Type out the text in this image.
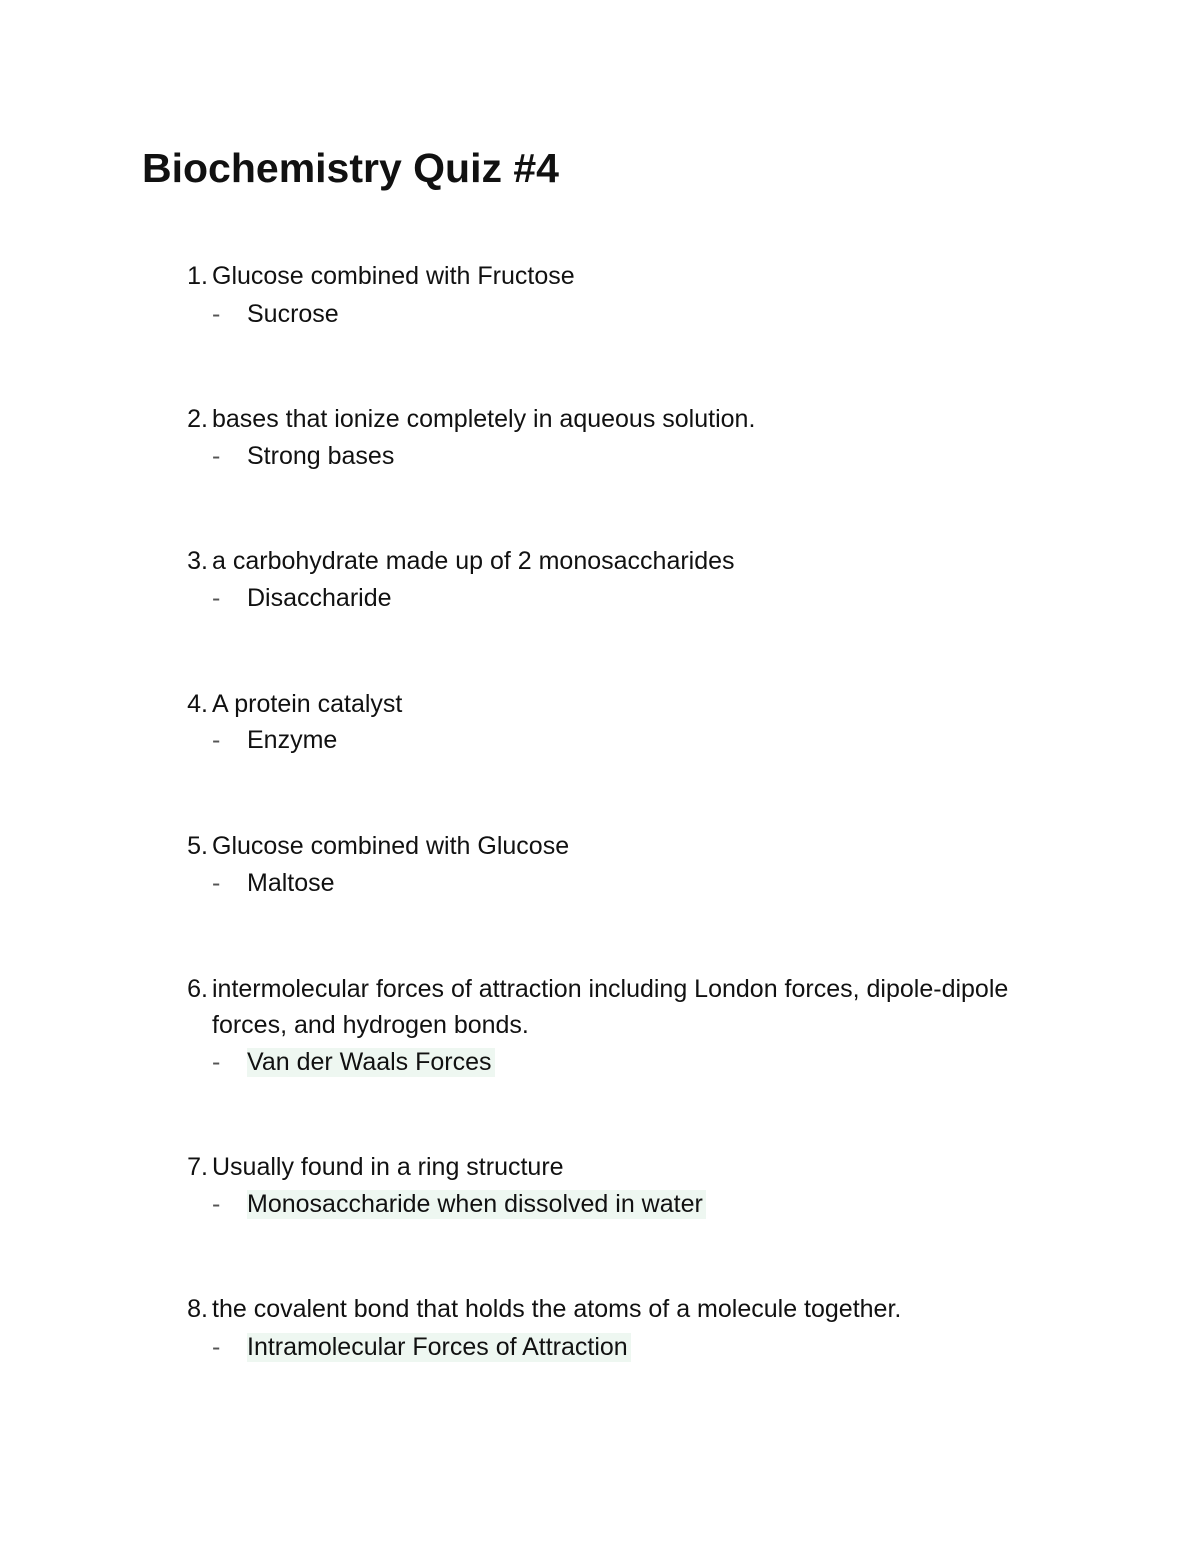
Biochemistry Quiz #4
1. Glucose combined with Fructose
- Sucrose
2. bases that ionize completely in aqueous solution.
- Strong bases
3. a carbohydrate made up of 2 monosaccharides
- Disaccharide
4. A protein catalyst
- Enzyme
5. Glucose combined with Glucose
- Maltose
6. intermolecular forces of attraction including London forces, dipole-dipole forces, and hydrogen bonds.
- Van der Waals Forces
7. Usually found in a ring structure
- Monosaccharide when dissolved in water
8. the covalent bond that holds the atoms of a molecule together.
- Intramolecular Forces of Attraction
